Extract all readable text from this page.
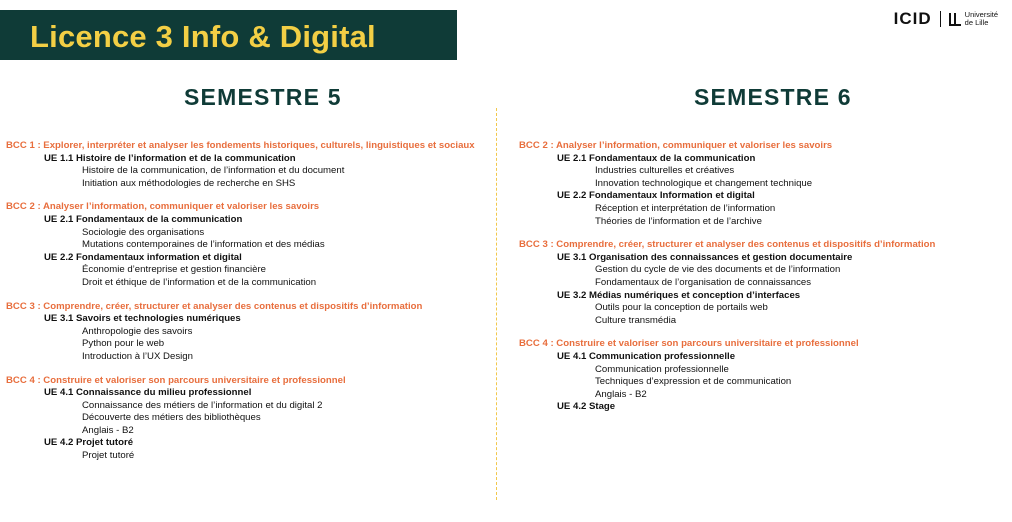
Licence 3 Info & Digital
ICID	Université
de Lille
SEMESTRE 5	SEMESTRE 6
BCC 1 : Explorer, interpréter et analyser les fondements historiques, culturels, linguistiques et sociaux
UE 1.1 Histoire de l’information et de la communication
Histoire de la communication, de l’information et du document
Initiation aux méthodologies de recherche en SHS
BCC 2 : Analyser l’information, communiquer et valoriser les savoirs
UE 2.1 Fondamentaux de la communication
Sociologie des organisations
Mutations contemporaines de l’information et des médias
UE 2.2 Fondamentaux information et digital
Économie d’entreprise et gestion financière
Droit et éthique de l’information et de la communication
BCC 3 : Comprendre, créer, structurer et analyser des contenus et dispositifs d’information
UE 3.1 Savoirs et technologies numériques
Anthropologie des savoirs
Python pour le web
Introduction à l’UX Design
BCC 4 : Construire et valoriser son parcours universitaire et professionnel
UE 4.1 Connaissance du milieu professionnel
Connaissance des métiers de l’information et du digital 2
Découverte des métiers des bibliothèques
Anglais - B2
UE 4.2 Projet tutoré
Projet tutoré
BCC 2 : Analyser l’information, communiquer et valoriser les savoirs
UE 2.1 Fondamentaux de la communication
Industries culturelles et créatives
Innovation technologique et changement technique
UE 2.2 Fondamentaux Information et digital
Réception et interprétation de l’information
Théories de l’information et de l’archive
BCC 3 : Comprendre, créer, structurer et analyser des contenus et dispositifs d’information
UE 3.1 Organisation des connaissances et gestion documentaire
Gestion du cycle de vie des documents et de l’information
Fondamentaux de l’organisation de connaissances
UE 3.2 Médias numériques et conception d’interfaces
Outils pour la conception de portails web
Culture transmédia
BCC 4 : Construire et valoriser son parcours universitaire et professionnel
UE 4.1 Communication professionnelle
Communication professionnelle
Techniques d’expression et de communication
Anglais - B2
UE 4.2 Stage
